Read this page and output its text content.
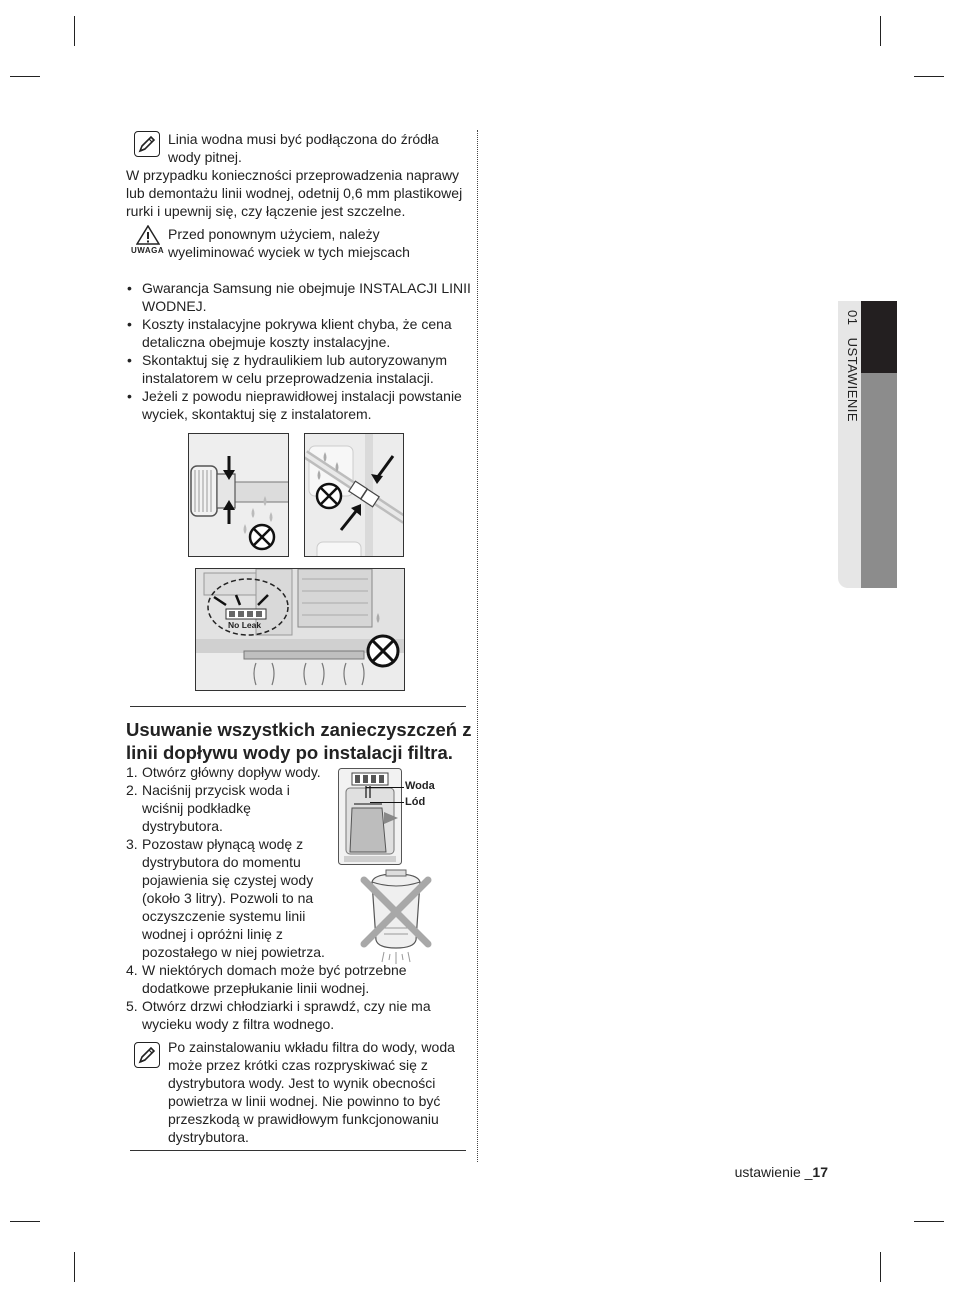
Linia wodna musi być podłączona do źródła wody pitnej.
W przypadku konieczności przeprowadzenia naprawy lub demontażu linii wodnej, odetnij 0,6 mm plastikowej rurki i upewnij się, czy łączenie jest szczelne.
UWAGA
Przed ponownym użyciem, należy wyeliminować wyciek w tych miejscach
• Gwarancja Samsung nie obejmuje INSTALACJI LINII WODNEJ.
• Koszty instalacyjne pokrywa klient chyba, że cena detaliczna obejmuje koszty instalacyjne.
• Skontaktuj się z hydraulikiem lub autoryzowanym instalatorem w celu przeprowadzenia instalacji.
• Jeżeli z powodu nieprawidłowej instalacji powstanie wyciek, skontaktuj się z instalatorem.
No Leak
Usuwanie wszystkich zanieczyszczeń z linii dopływu wody po instalacji filtra.
1. Otwórz główny dopływ wody.
2. Naciśnij przycisk woda i wciśnij podkładkę dystrybutora.
3. Pozostaw płynącą wodę z dystrybutora do momentu pojawienia się czystej wody (około 3 litry). Pozwoli to na oczyszczenie systemu linii wodnej i opróżni linię z pozostałego w niej powietrza.
4. W niektórych domach może być potrzebne dodatkowe przepłukanie linii wodnej.
5. Otwórz drzwi chłodziarki i sprawdź, czy nie ma wycieku wody z filtra wodnego.
Woda
Lód
Po zainstalowaniu wkładu filtra do wody, woda może przez krótki czas rozpryskiwać się z dystrybutora wody. Jest to wynik obecności powietrza w linii wodnej. Nie powinno to być przeszkodą w prawidłowym funkcjonowaniu dystrybutora.
01 USTAWIENIE
ustawienie _17
